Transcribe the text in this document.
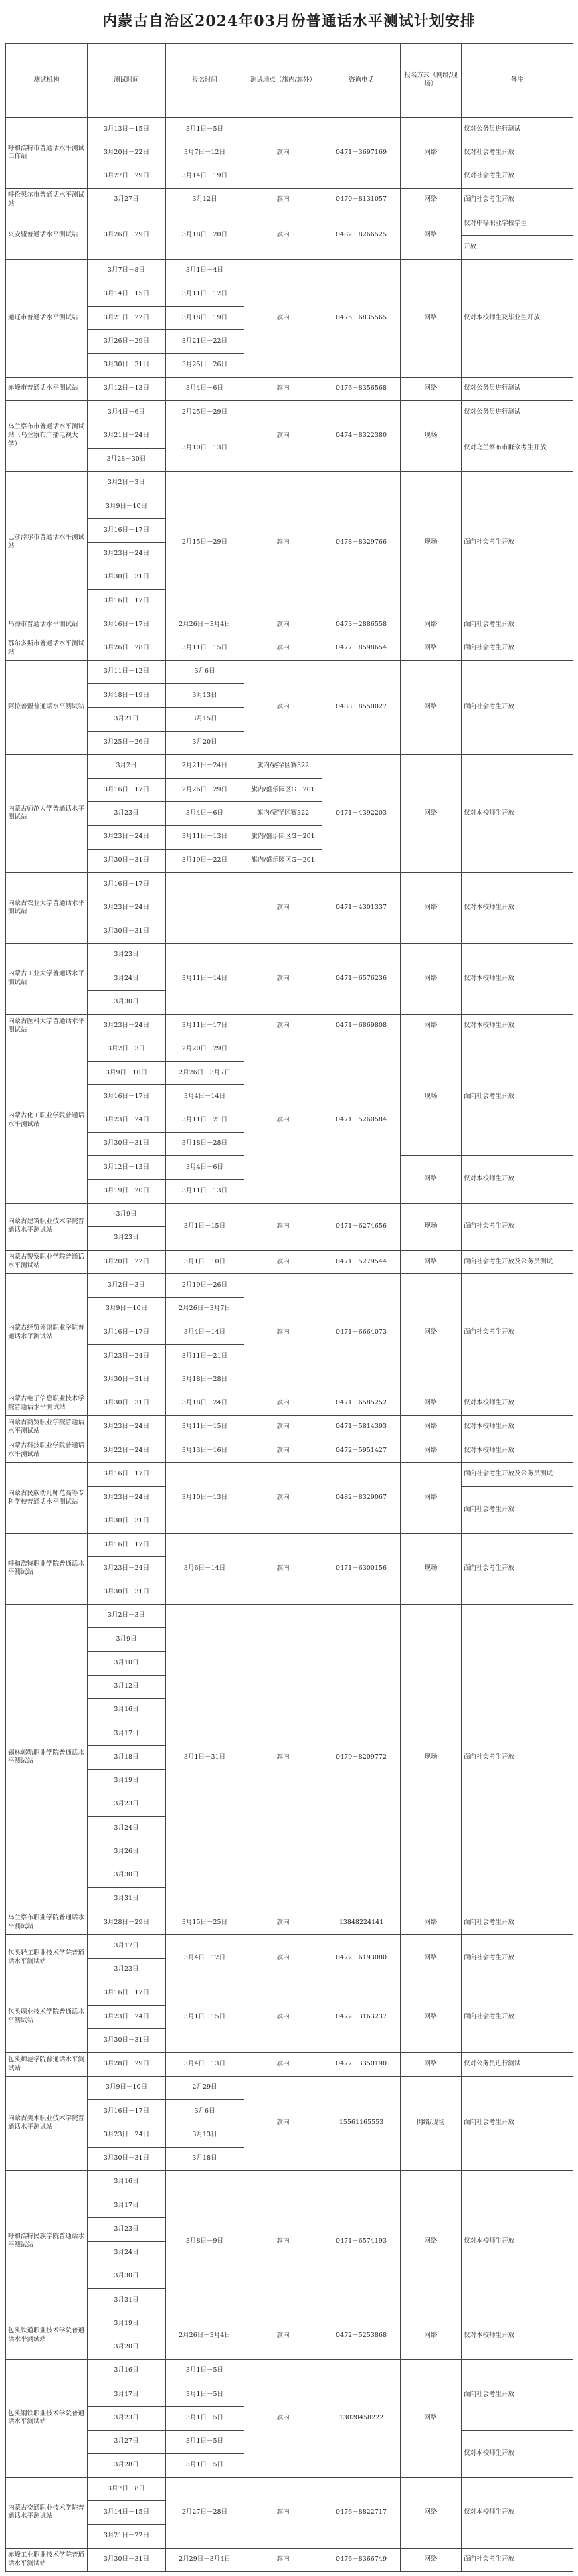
内蒙古自治区2024年03月份普通话水平测试计划安排
测试机构	测试时间	报名时间	测试地点（旗内/旗外）	咨询电话	报名方式（网络/现场）	备注
呼和浩特市普通话水平测试工作站	3月13日－15日	3月1日－5日	旗内	0471－3697169	网络	仅对公务员进行测试
	3月20日－22日	3月7日－12日				仅对社会考生开放
	3月27日－29日	3月14日－19日				仅对社会考生开放
呼伦贝尔市普通话水平测试站	3月27日	3月12日	旗内	0470－8131057	网络	面向社会考生开放
兴安盟普通话水平测试站	3月26日－29日	3月18日－20日	旗内	0482－8266525	网络	仅对中等职业学校学生
						开放
通辽市普通话水平测试站	3月7日－8日	3月1日－4日	旗内	0475－6835565	网络	仅对本校师生及毕业生开放
	3月14日－15日	3月11日－12日				
	3月21日－22日	3月18日－19日				
	3月26日－29日	3月21日－22日				
	3月30日－31日	3月25日－26日				
赤峰市普通话水平测试站	3月12日－13日	3月4日－6日	旗内	0476－8356568	网络	仅对公务员进行测试
乌兰察布市普通话水平测试站（乌兰察布广播电视大学）	3月4日－6日	2月25日－29日	旗内	0474－8322380	现场	仅对公务员进行测试
	3月21日－24日	3月10日－13日				仅对乌兰察布市群众考生开放
	3月28－30日					
巴彦淖尔市普通话水平测试站	3月2日－3日	2月15日－29日	旗内	0478－8329766	现场	面向社会考生开放
	3月9日－10日					
	3月16日－17日					
	3月23日－24日					
	3月30日－31日					
	3月16日－17日					
乌海市普通话水平测试站	3月16日－17日	2月26日－3月4日	旗内	0473－2886558	网络	面向社会考生开放
鄂尔多斯市普通话水平测试站	3月26日－28日	3月11日－15日	旗内	0477－8598654	网络	面向社会考生开放
阿拉善盟普通话水平测试站	3月11日－12日	3月6日	旗内	0483－8550027	网络	面向社会考生开放
	3月18日－19日	3月13日				
	3月21日	3月15日				
	3月25日－26日	3月20日				
内蒙古师范大学普通话水平测试站	3月2日	2月21日－24日	旗内/赛罕区赛322	0471－4392203	网络	仅对本校师生开放
	3月16日－17日	2月26日－29日	旗内/盛乐园区G－201			
	3月23日	3月4日－6日	旗内/赛罕区赛322			
	3月23日－24日	3月11日－13日	旗内/盛乐园区G－201			
	3月30日－31日	3月19日－22日	旗内/盛乐园区G－201			
内蒙古农业大学普通话水平测试站	3月16日－17日		旗内	0471－4301337	网络	仅对本校师生开放
	3月23日－24日					
	3月30日－31日					
内蒙古工业大学普通话水平测试站	3月23日	3月11日－14日	旗内	0471－6576236	网络	仅对本校师生开放
	3月24日					
	3月30日					
内蒙古医科大学普通话水平测试站	3月23日－24日	3月11日－17日	旗内	0471－6869808	网络	仅对本校师生开放
内蒙古化工职业学院普通话水平测试站	3月2日－3日	2月20日－29日	旗内	0471－5260584	现场	面向社会考生开放
	3月9日－10日	2月26日－3月7日				
	3月16日－17日	3月4日－14日				
	3月23日－24日	3月11日－21日				
	3月30日－31日	3月18日－28日				
	3月12日－13日	3月4日－6日			网络	仅对本校师生开放
	3月19日－20日	3月11日－13日				
内蒙古建筑职业技术学院普通话水平测试站	3月9日	3月1日－15日	旗内	0471－6274656	现场	面向社会考生开放
	3月23日					
内蒙古警察职业学院普通话水平测试站	3月20日－22日	3月1日－10日	旗内	0471－5279544	网络	面向社会考生开放及公务员测试
内蒙古经贸外语职业学院普通话水平测试站	3月2日－3日	2月19日－26日	旗内	0471－6664073	网络	面向社会考生开放
	3月9日－10日	2月26日－3月7日				
	3月16日－17日	3月4日－14日				
	3月23日－24日	3月11日－21日				
	3月30日－31日	3月18日－28日				
内蒙古电子信息职业技术学院普通话水平测试站	3月30日－31日	3月18日－24日	旗内	0471－6585252	网络	仅对本校师生开放
内蒙古商贸职业学院普通话水平测试站	3月23日－24日	3月11日－15日	旗内	0471－5814393	网络	仅对本校师生开放
内蒙古科技职业学院普通话水平测试站	3月22日－24日	3月13日－16日	旗内	0472－5951427	网络	仅对本校师生开放
内蒙古民族幼儿师范高等专科学校普通话水平测试站	3月16日－17日	3月10日－13日	旗内	0482－8329067	网络	面向社会考生开放及公务员测试
	3月23日－24日					面向社会考生开放
	3月30日－31日					
呼和浩特职业学院普通话水平测试站	3月16日－17日	3月6日－14日	旗内	0471－6300156	现场	面向社会考生开放
	3月23日－24日					
	3月30日－31日					
锡林郭勒职业学院普通话水平测试站	3月2日－3日	3月1日－31日	旗内	0479－8209772	现场	面向社会考生开放
	3月9日					
	3月10日					
	3月12日					
	3月16日					
	3月17日					
	3月18日					
	3月19日					
	3月23日					
	3月24日					
	3月26日					
	3月30日					
	3月31日					
乌兰察布职业学院普通话水平测试站	3月28日－29日	3月15日－25日	旗内	13848224141	网络	面向社会考生开放
包头轻工职业技术学院普通话水平测试站	3月17日	3月4日－12日	旗内	0472－6193080	网络	面向社会考生开放
	3月23日					
包头职业技术学院普通话水平测试站	3月16日－17日	3月1日－15日	旗内	0472－3163237	网络	面向社会考生开放
	3月23日－24日					
	3月30日－31日					
包头师范学院普通话水平测试站	3月28日－29日	3月4日－13日	旗内	0472－3350190	网络	仅对公务员进行测试
内蒙古美术职业技术学院普通话水平测试站	3月9日－10日	2月29日	旗内	15561165553	网络/现场	面向社会考生开放
	3月16日－17日	3月6日				
	3月23日－24日	3月13日				
	3月30日－31日	3月18日				
呼和浩特民族学院普通话水平测试站	3月16日	3月8日－9日	旗内	0471－6574193	网络	仅对本校师生开放
	3月17日					
	3月23日					
	3月24日					
	3月30日					
	3月31日					
包头铁道职业技术学院普通话水平测试站	3月19日	2月26日－3月4日	旗内	0472－5253868	网络	仅对本校师生开放
	3月20日					
包头钢铁职业技术学院普通话水平测试站	3月16日	3月1日－5日	旗内	13020458222	网络	面向社会考生开放
	3月17日	3月1日－5日				
	3月23日	3月1日－5日				
	3月27日	3月1日－5日				仅对本校师生开放
	3月28日	3月1日－5日				
内蒙古交通职业技术学院普通话水平测试站	3月7日－8日	2月27日－28日	旗内	0476－8822717	网络	仅对本校师生开放
	3月14日－15日					
	3月21日－22日					
赤峰工业职业技术学院普通话水平测试站	3月30日－31日	2月29日－3月4日	旗内	0476－8366749	网络	面向社会考生开放
